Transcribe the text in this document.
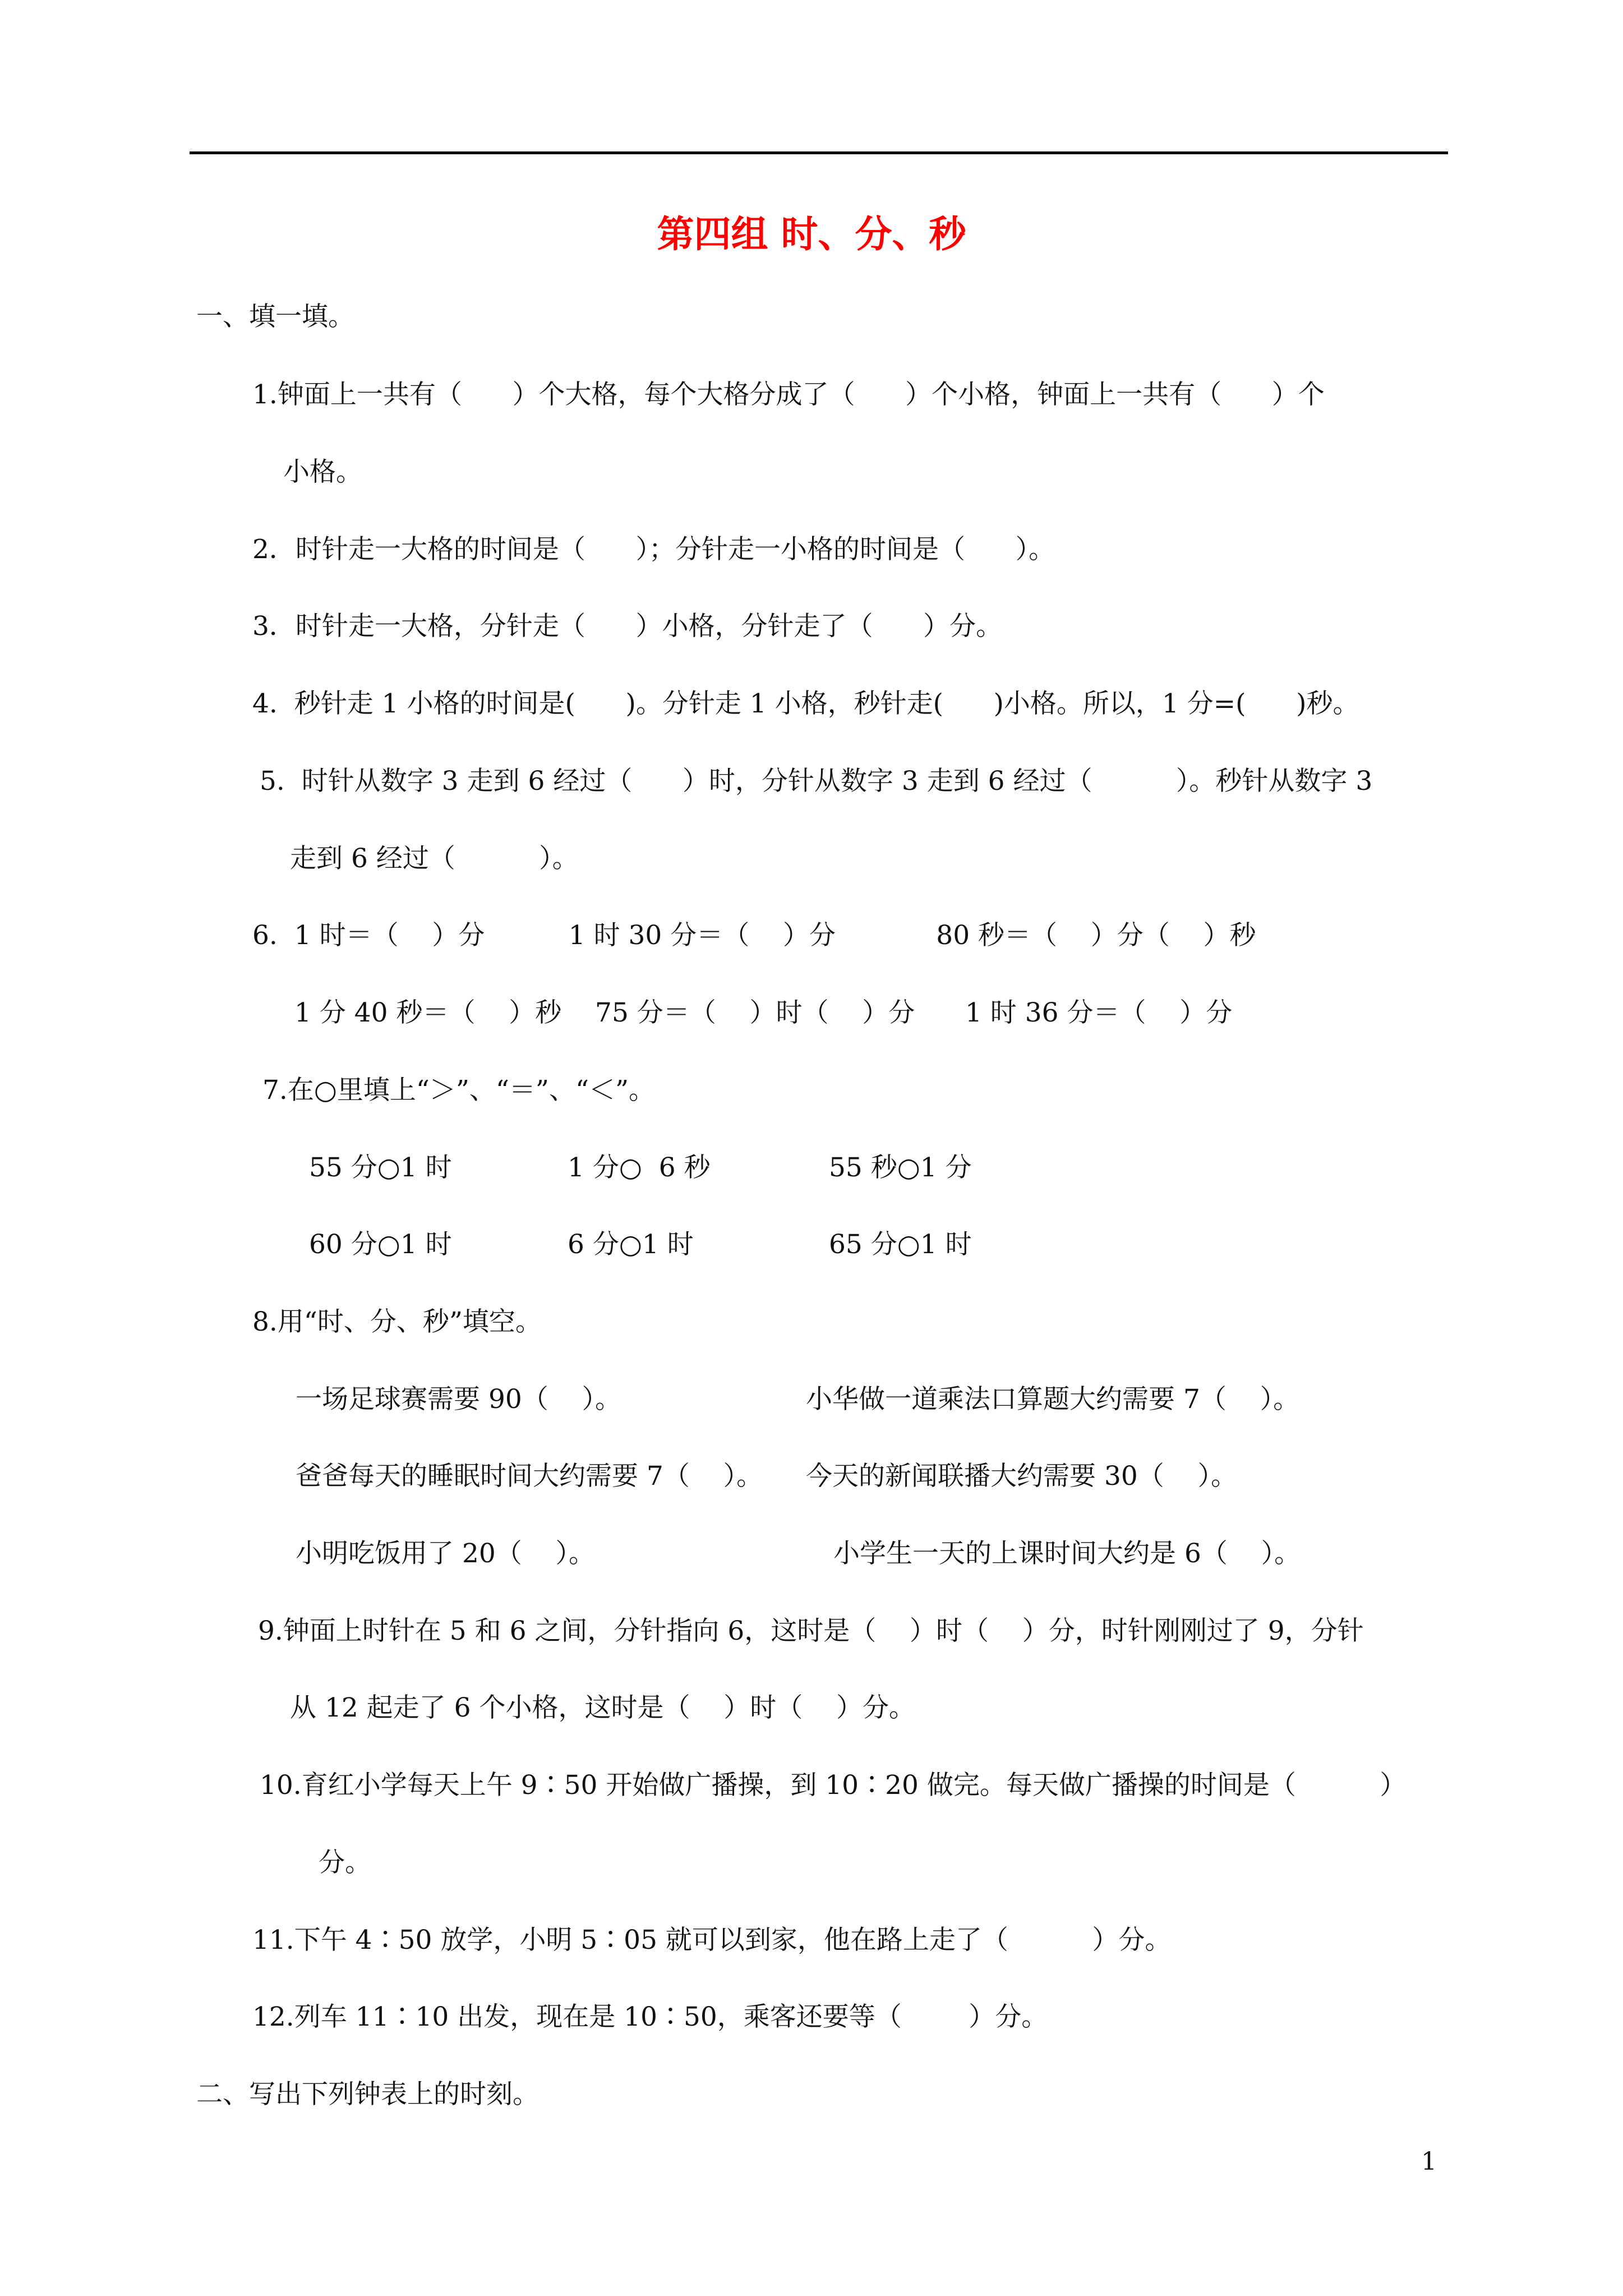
第四组 时、分、秒
一、填一填。
1.钟面上一共有（      ）个大格，每个大格分成了（      ）个小格，钟面上一共有（      ）个
小格。
2．时针走一大格的时间是（      ）；分针走一小格的时间是（      ）。
3．时针走一大格，分针走（      ）小格，分针走了（      ）分。
4.  秒针走 1 小格的时间是(      )。分针走 1 小格，秒针走(      )小格。所以，1 分=(      )秒。
5.  时针从数字 3 走到 6 经过（      ）时，分针从数字 3 走到 6 经过（          ）。秒针从数字 3
走到 6 经过（          ）。
6.  1 时＝（    ）分          1 时 30 分＝（    ）分            80 秒＝（    ）分（    ）秒
1 分 40 秒＝（    ）秒    75 分＝（    ）时（    ）分      1 时 36 分＝（    ）分
7.在○里填上“＞”、“＝”、“＜”。
55 分○1 时	1 分○  6 秒	55 秒○1 分
60 分○1 时	6 分○1 时	65 分○1 时
8.用“时、分、秒”填空。
一场足球赛需要 90（    ）。	小华做一道乘法口算题大约需要 7（    ）。
爸爸每天的睡眠时间大约需要 7（    ）。 今天的新闻联播大约需要 30（    ）。
小明吃饭用了 20（    ）。	小学生一天的上课时间大约是 6（    ）。
9.钟面上时针在 5 和 6 之间，分针指向 6，这时是（    ）时（    ）分，时针刚刚过了 9，分针
从 12 起走了 6 个小格，这时是（    ）时（    ）分。
10.育红小学每天上午 9∶50 开始做广播操，到 10∶20 做完。每天做广播操的时间是（          ）
分。
11.下午 4∶50 放学，小明 5∶05 就可以到家，他在路上走了（          ）分。
12.列车 11∶10 出发，现在是 10∶50，乘客还要等（        ）分。
二、写出下列钟表上的时刻。
1
